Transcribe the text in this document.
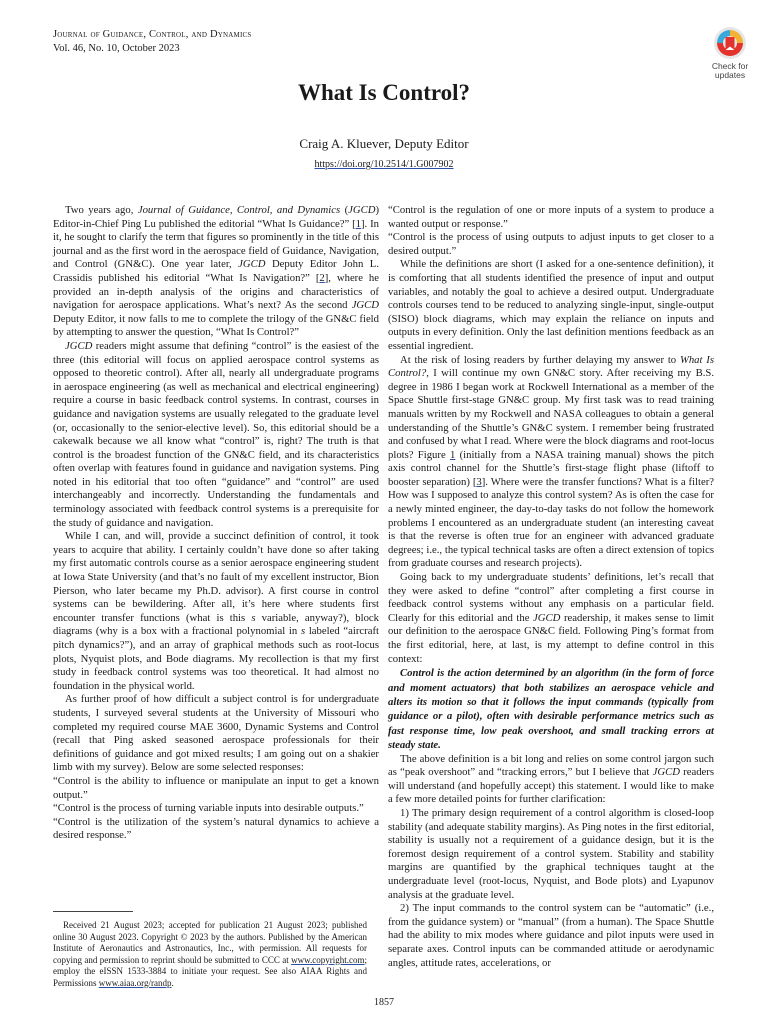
Journal of Guidance, Control, and Dynamics
Vol. 46, No. 10, October 2023
Check for
updates
What Is Control?
Craig A. Kluever, Deputy Editor
https://doi.org/10.2514/1.G007902

Two years ago, Journal of Guidance, Control, and Dynamics (JGCD) Editor-in-Chief Ping Lu published the editorial “What Is Guidance?” [1]. In it, he sought to clarify the term that figures so prominently in the title of this journal and as the first word in the aerospace field of Guidance, Navigation, and Control (GN&C). One year later, JGCD Deputy Editor John L. Crassidis published his editorial “What Is Navigation?” [2], where he provided an in-depth analysis of the origins and characteristics of navigation for aerospace applications. What’s next? As the second JGCD Deputy Editor, it now falls to me to complete the trilogy of the GN&C field by attempting to answer the question, “What Is Control?”

JGCD readers might assume that defining “control” is the easiest of the three (this editorial will focus on applied aerospace control systems as opposed to theoretic control). After all, nearly all undergraduate programs in aerospace engineering (as well as mechanical and electrical engineering) require a course in basic feedback control systems. In contrast, courses in guidance and navigation systems are usually relegated to the graduate level (or, occasionally to the senior-elective level). So, this editorial should be a cakewalk because we all know what “control” is, right? The truth is that control is the broadest function of the GN&C field, and its characteristics often overlap with features found in guidance and navigation systems. Ping noted in his editorial that too often “guidance” and “control” are used interchangeably and incorrectly. Understanding the fundamentals and terminology associated with feedback control systems is a prerequisite for the study of guidance and navigation.

While I can, and will, provide a succinct definition of control, it took years to acquire that ability. I certainly couldn’t have done so after taking my first automatic controls course as a senior aerospace engineering student at Iowa State University (and that’s no fault of my excellent instructor, Bion Pierson, who later became my Ph.D. advisor). A first course in control systems can be bewildering. After all, it’s here where students first encounter transfer functions (what is this s variable, anyway?), block diagrams (why is a box with a fractional polynomial in s labeled “aircraft pitch dynamics?”), and an array of graphical methods such as root-locus plots, Nyquist plots, and Bode diagrams. My recollection is that my first study in feedback control systems was too theoretical. It had almost no foundation in the physical world.

As further proof of how difficult a subject control is for undergraduate students, I surveyed several students at the University of Missouri who completed my required course MAE 3600, Dynamic Systems and Control (recall that Ping asked seasoned aerospace professionals for their definitions of guidance and got mixed results; I am going out on a shakier limb with my survey). Below are some selected responses:

“Control is the ability to influence or manipulate an input to get a known output.”

“Control is the process of turning variable inputs into desirable outputs.”

“Control is the utilization of the system’s natural dynamics to achieve a desired response.”

Received 21 August 2023; accepted for publication 21 August 2023; published online 30 August 2023. Copyright © 2023 by the authors. Published by the American Institute of Aeronautics and Astronautics, Inc., with permission. All requests for copying and permission to reprint should be submitted to CCC at www.copyright.com; employ the eISSN 1533-3884 to initiate your request. See also AIAA Rights and Permissions www.aiaa.org/randp.

“Control is the regulation of one or more inputs of a system to produce a wanted output or response.”

“Control is the process of using outputs to adjust inputs to get closer to a desired output.”

While the definitions are short (I asked for a one-sentence definition), it is comforting that all students identified the presence of input and output variables, and notably the goal to achieve a desired output. Undergraduate controls courses tend to be reduced to analyzing single-input, single-output (SISO) block diagrams, which may explain the reliance on inputs and outputs in every definition. Only the last definition mentions feedback as an essential ingredient.

At the risk of losing readers by further delaying my answer to What Is Control?, I will continue my own GN&C story. After receiving my B.S. degree in 1986 I began work at Rockwell International as a member of the Space Shuttle first-stage GN&C group. My first task was to read training manuals written by my Rockwell and NASA colleagues to obtain a general understanding of the Shuttle’s GN&C system. I remember being frustrated and confused by what I read. Where were the block diagrams and root-locus plots? Figure 1 (initially from a NASA training manual) shows the pitch axis control channel for the Shuttle’s first-stage flight phase (liftoff to booster separation) [3]. Where were the transfer functions? What is a filter? How was I supposed to analyze this control system? As is often the case for a newly minted engineer, the day-to-day tasks do not follow the homework problems I encountered as an undergraduate student (an interesting caveat is that the reverse is often true for an engineer with advanced graduate degrees; i.e., the typical technical tasks are often a direct extension of topics from graduate courses and research projects).

Going back to my undergraduate students’ definitions, let’s recall that they were asked to define “control” after completing a first course in feedback control systems without any emphasis on a particular field. Clearly for this editorial and the JGCD readership, it makes sense to limit our definition to the aerospace GN&C field. Following Ping’s format from the first editorial, here, at last, is my attempt to define control in this context:

Control is the action determined by an algorithm (in the form of force and moment actuators) that both stabilizes an aerospace vehicle and alters its motion so that it follows the input commands (typically from guidance or a pilot), often with desirable performance metrics such as fast response time, low peak overshoot, and small tracking errors at steady state.

The above definition is a bit long and relies on some control jargon such as “peak overshoot” and “tracking errors,” but I believe that JGCD readers will understand (and hopefully accept) this statement. I would like to make a few more detailed points for further clarification:

1) The primary design requirement of a control algorithm is closed-loop stability (and adequate stability margins). As Ping notes in the first editorial, stability is usually not a requirement of a guidance design, but it is the foremost design requirement of a control system. Stability and stability margins are quantified by the graphical techniques taught at the undergraduate level (root-locus, Nyquist, and Bode plots) and Lyapunov analysis at the graduate level.

2) The input commands to the control system can be “automatic” (i.e., from the guidance system) or “manual” (from a human). The Space Shuttle had the ability to mix modes where guidance and pilot inputs were used in separate axes. Control inputs can be commanded attitude or aerodynamic angles, attitude rates, accelerations, or

1857
